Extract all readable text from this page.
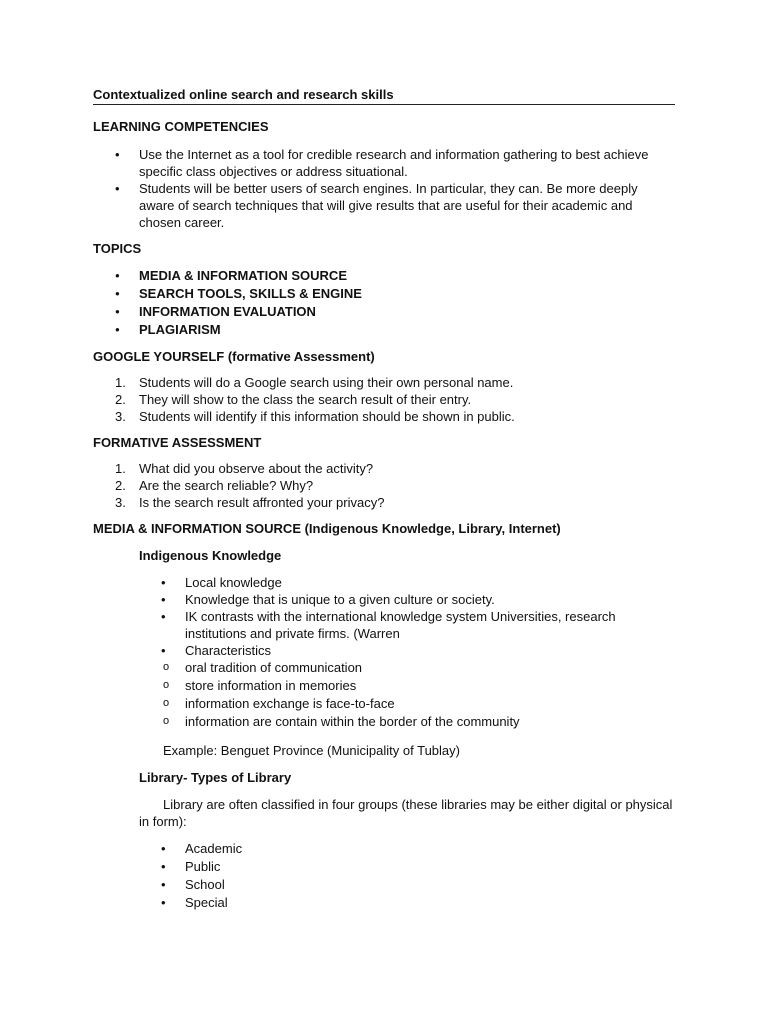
Contextualized online search and research skills
LEARNING COMPETENCIES
• Use the Internet as a tool for credible research and information gathering to best achieve specific class objectives or address situational.
• Students will be better users of search engines. In particular, they can. Be more deeply aware of search techniques that will give results that are useful for their academic and chosen career.
TOPICS
● MEDIA & INFORMATION SOURCE
● SEARCH TOOLS, SKILLS & ENGINE
● INFORMATION EVALUATION
● PLAGIARISM
GOOGLE YOURSELF (formative Assessment)
1. Students will do a Google search using their own personal name.
2. They will show to the class the search result of their entry.
3. Students will identify if this information should be shown in public.
FORMATIVE ASSESSMENT
1. What did you observe about the activity?
2. Are the search reliable? Why?
3. Is the search result affronted your privacy?
MEDIA & INFORMATION SOURCE (Indigenous Knowledge, Library, Internet)
Indigenous Knowledge
• Local knowledge
• Knowledge that is unique to a given culture or society.
• IK contrasts with the international knowledge system Universities, research institutions and private firms. (Warren
• Characteristics
o oral tradition of communication
o store information in memories
o information exchange is face-to-face
o information are contain within the border of the community
Example: Benguet Province (Municipality of Tublay)
Library- Types of Library
Library are often classified in four groups (these libraries may be either digital or physical in form):
• Academic
• Public
• School
• Special
